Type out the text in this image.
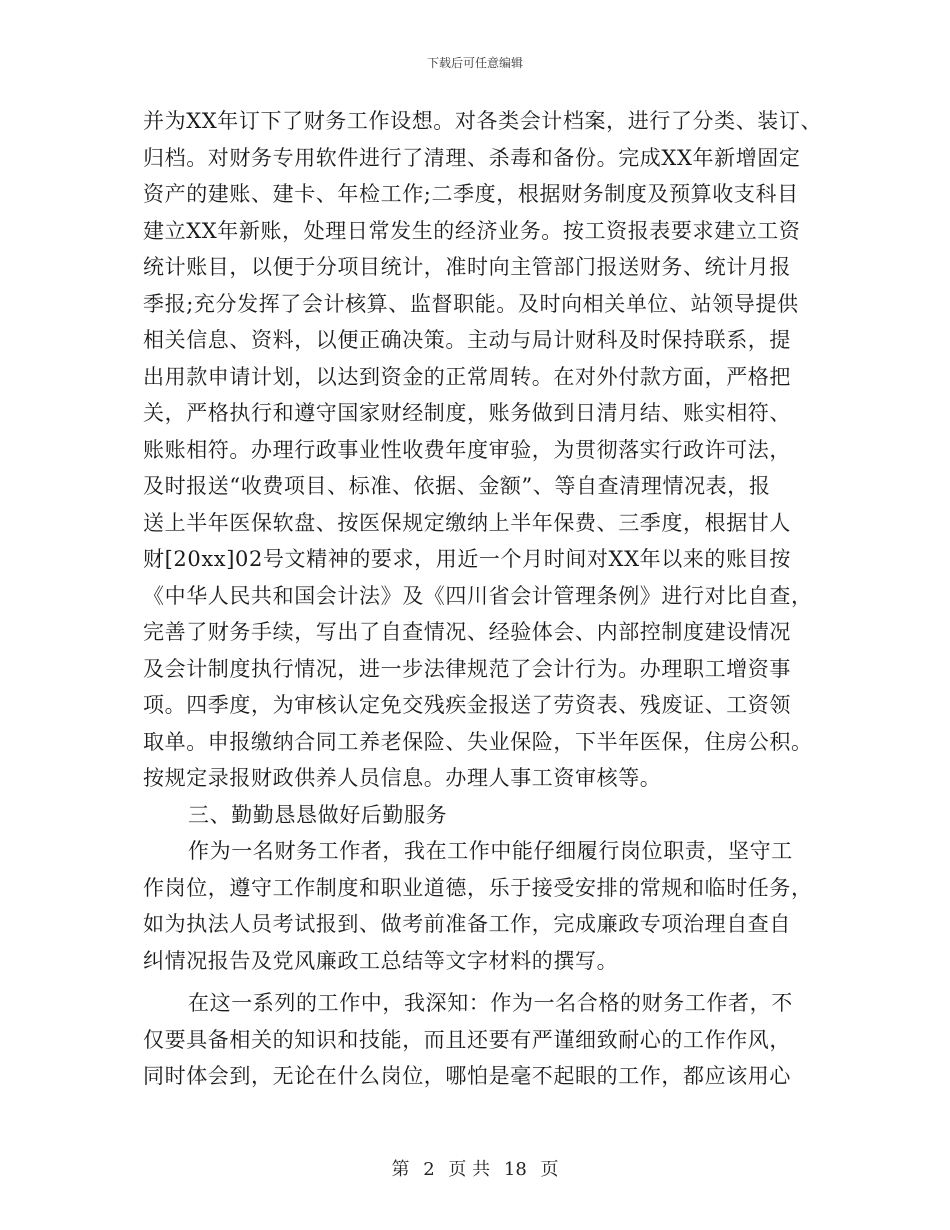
下载后可任意编辑
并为XX年订下了财务工作设想。对各类会计档案，进行了分类、装订、
归档。对财务专用软件进行了清理、杀毒和备份。完成XX年新增固定
资产的建账、建卡、年检工作;二季度，根据财务制度及预算收支科目
建立XX年新账，处理日常发生的经济业务。按工资报表要求建立工资
统计账目，以便于分项目统计，准时向主管部门报送财务、统计月报
季报;充分发挥了会计核算、监督职能。及时向相关单位、站领导提供
相关信息、资料，以便正确决策。主动与局计财科及时保持联系，提
出用款申请计划，以达到资金的正常周转。在对外付款方面，严格把
关，严格执行和遵守国家财经制度，账务做到日清月结、账实相符、
账账相符。办理行政事业性收费年度审验，为贯彻落实行政许可法，
及时报送“收费项目、标准、依据、金额”、等自查清理情况表，报
送上半年医保软盘、按医保规定缴纳上半年保费、三季度，根据甘人
财[20xx]02号文精神的要求，用近一个月时间对XX年以来的账目按
《中华人民共和国会计法》及《四川省会计管理条例》进行对比自查，
完善了财务手续，写出了自查情况、经验体会、内部控制度建设情况
及会计制度执行情况，进一步法律规范了会计行为。办理职工增资事
项。四季度，为审核认定免交残疾金报送了劳资表、残废证、工资领
取单。申报缴纳合同工养老保险、失业保险，下半年医保，住房公积。
按规定录报财政供养人员信息。办理人事工资审核等。
三、勤勤恳恳做好后勤服务
作为一名财务工作者，我在工作中能仔细履行岗位职责，坚守工
作岗位，遵守工作制度和职业道德，乐于接受安排的常规和临时任务，
如为执法人员考试报到、做考前准备工作，完成廉政专项治理自查自
纠情况报告及党风廉政工总结等文字材料的撰写。
在这一系列的工作中，我深知：作为一名合格的财务工作者，不
仅要具备相关的知识和技能，而且还要有严谨细致耐心的工作作风，
同时体会到，无论在什么岗位，哪怕是毫不起眼的工作，都应该用心
第 2 页 共 18 页
